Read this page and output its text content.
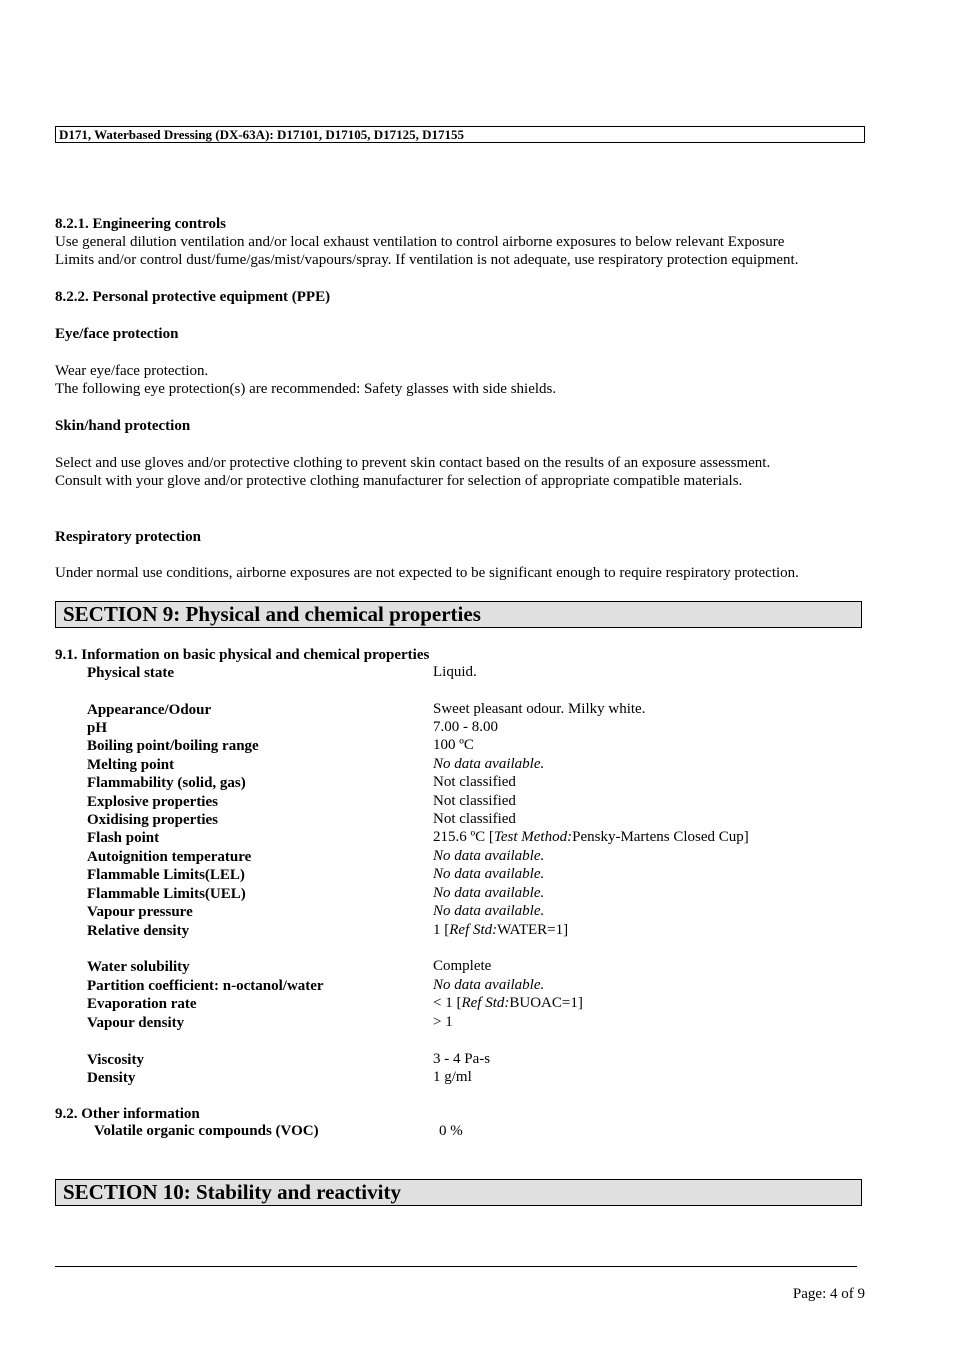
D171, Waterbased Dressing (DX-63A): D17101, D17105, D17125, D17155
8.2.1. Engineering controls
Use general dilution ventilation and/or local exhaust ventilation to control airborne exposures to below relevant Exposure
Limits and/or control dust/fume/gas/mist/vapours/spray. If ventilation is not adequate, use respiratory protection equipment.
8.2.2. Personal protective equipment (PPE)
Eye/face protection
Wear eye/face protection.
The following eye protection(s) are recommended: Safety glasses with side shields.
Skin/hand protection
Select and use gloves and/or protective clothing to prevent skin contact based on the results of an exposure assessment.
Consult with your glove and/or protective clothing manufacturer for selection of appropriate compatible materials.
Respiratory protection
Under normal use conditions, airborne exposures are not expected to be significant enough to require respiratory protection.
SECTION 9: Physical and chemical properties
9.1. Information on basic physical and chemical properties
Physical state	Liquid.
Appearance/Odour	Sweet pleasant odour. Milky white.
pH	7.00 - 8.00
Boiling point/boiling range	100 ºC
Melting point	No data available.
Flammability (solid, gas)	Not classified
Explosive properties	Not classified
Oxidising properties	Not classified
Flash point	215.6 ºC [Test Method:Pensky-Martens Closed Cup]
Autoignition temperature	No data available.
Flammable Limits(LEL)	No data available.
Flammable Limits(UEL)	No data available.
Vapour pressure	No data available.
Relative density	1 [Ref Std:WATER=1]
Water solubility	Complete
Partition coefficient: n-octanol/water	No data available.
Evaporation rate	< 1 [Ref Std:BUOAC=1]
Vapour density	> 1
Viscosity	3 - 4 Pa-s
Density	1 g/ml
9.2. Other information
Volatile organic compounds (VOC)	0 %
SECTION 10: Stability and reactivity
Page: 4 of 9
